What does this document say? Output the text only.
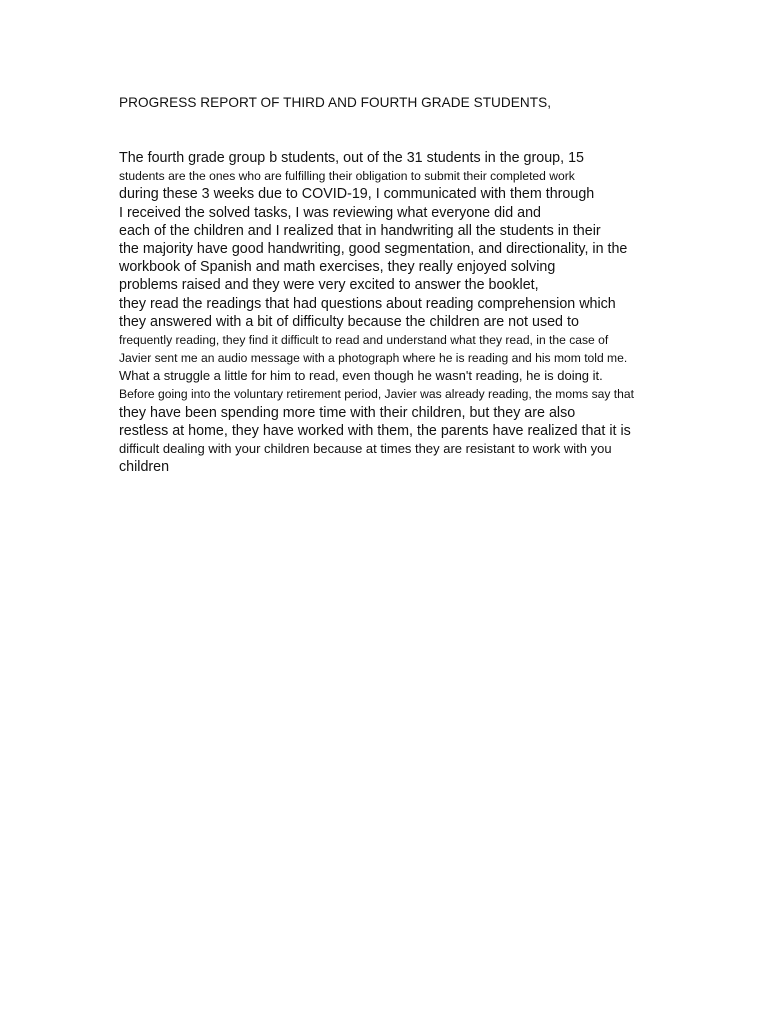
PROGRESS REPORT OF THIRD AND FOURTH GRADE STUDENTS,
The fourth grade group b students, out of the 31 students in the group, 15
students are the ones who are fulfilling their obligation to submit their completed work
during these 3 weeks due to COVID-19, I communicated with them through
I received the solved tasks, I was reviewing what everyone did and
each of the children and I realized that in handwriting all the students in their
the majority have good handwriting, good segmentation, and directionality, in the
workbook of Spanish and math exercises, they really enjoyed solving
problems raised and they were very excited to answer the booklet,
they read the readings that had questions about reading comprehension which
they answered with a bit of difficulty because the children are not used to
frequently reading, they find it difficult to read and understand what they read, in the case of
Javier sent me an audio message with a photograph where he is reading and his mom told me.
What a struggle a little for him to read, even though he wasn't reading, he is doing it.
Before going into the voluntary retirement period, Javier was already reading, the moms say that
they have been spending more time with their children, but they are also
restless at home, they have worked with them, the parents have realized that it is
difficult dealing with your children because at times they are resistant to work with you
children
